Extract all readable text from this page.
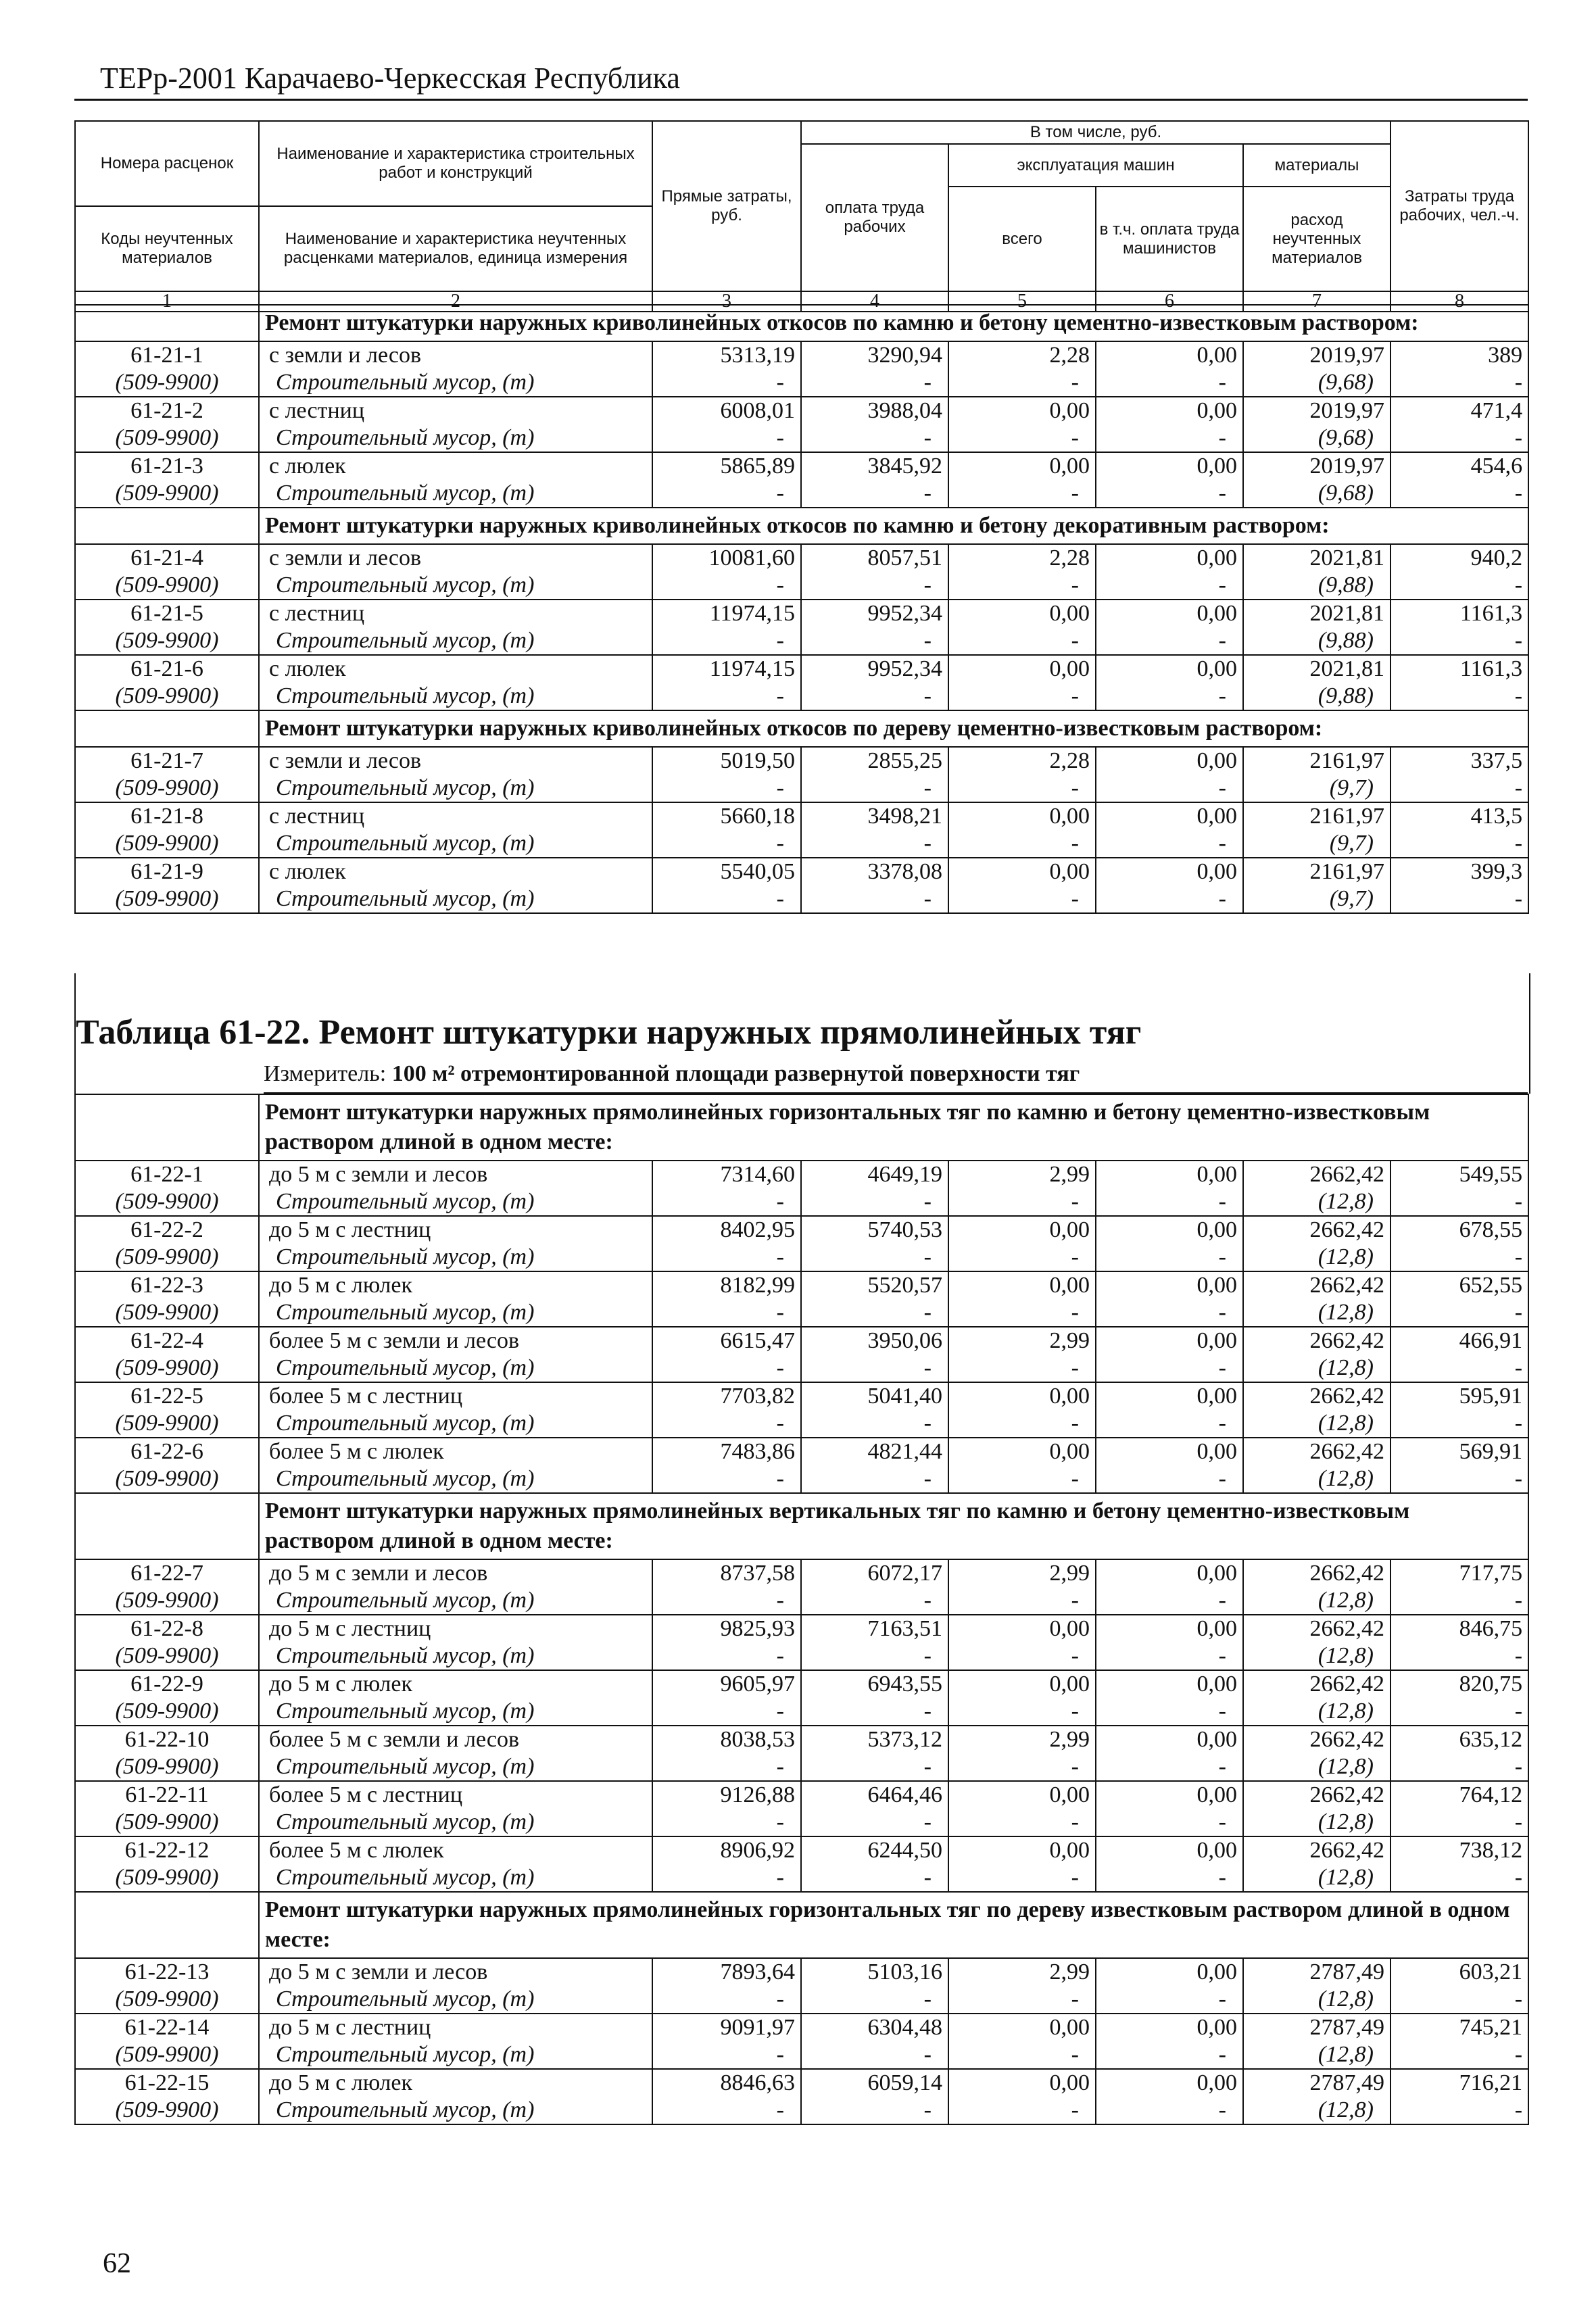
ТЕРр-2001 Карачаево-Черкесская Республика
Номера расценок	Наименование и характеристика строительных работ и конструкций	Прямые затраты, руб.	В том числе, руб.				Затраты труда рабочих, чел.-ч.
			оплата труда рабочих	эксплуатация машин		материалы	
				всего	в т.ч. оплата труда машинистов	расход неучтенных материалов	
Коды неучтенных материалов	Наименование и характеристика неучтенных расценками материалов, единица измерения						

1	2	3	4	5	6	7	8
	Ремонт штукатурки наружных криволинейных откосов по камню и бетону цементно-известковым раствором:						
61-21-1	с земли и лесов	5313,19	3290,94	2,28	0,00	2019,97	389
(509-9900)	Строительный мусор, (т)	-	-	-	-	(9,68)	-
61-21-2	с лестниц	6008,01	3988,04	0,00	0,00	2019,97	471,4
(509-9900)	Строительный мусор, (т)	-	-	-	-	(9,68)	-
61-21-3	с люлек	5865,89	3845,92	0,00	0,00	2019,97	454,6
(509-9900)	Строительный мусор, (т)	-	-	-	-	(9,68)	-
	Ремонт штукатурки наружных криволинейных откосов по камню и бетону декоративным раствором:						
61-21-4	с земли и лесов	10081,60	8057,51	2,28	0,00	2021,81	940,2
(509-9900)	Строительный мусор, (т)	-	-	-	-	(9,88)	-
61-21-5	с лестниц	11974,15	9952,34	0,00	0,00	2021,81	1161,3
(509-9900)	Строительный мусор, (т)	-	-	-	-	(9,88)	-
61-21-6	с люлек	11974,15	9952,34	0,00	0,00	2021,81	1161,3
(509-9900)	Строительный мусор, (т)	-	-	-	-	(9,88)	-
	Ремонт штукатурки наружных криволинейных откосов по дереву цементно-известковым раствором:						
61-21-7	с земли и лесов	5019,50	2855,25	2,28	0,00	2161,97	337,5
(509-9900)	Строительный мусор, (т)	-	-	-	-	(9,7)	-
61-21-8	с лестниц	5660,18	3498,21	0,00	0,00	2161,97	413,5
(509-9900)	Строительный мусор, (т)	-	-	-	-	(9,7)	-
61-21-9	с люлек	5540,05	3378,08	0,00	0,00	2161,97	399,3
(509-9900)	Строительный мусор, (т)	-	-	-	-	(9,7)	-
Таблица 61-22. Ремонт штукатурки наружных прямолинейных тяг
Измеритель: 100 м² отремонтированной площади развернутой поверхности тяг
	Ремонт штукатурки наружных прямолинейных горизонтальных тяг по камню и бетону цементно-известковым раствором длиной в одном месте:						
61-22-1	до 5 м с земли и лесов	7314,60	4649,19	2,99	0,00	2662,42	549,55
(509-9900)	Строительный мусор, (т)	-	-	-	-	(12,8)	-
61-22-2	до 5 м с лестниц	8402,95	5740,53	0,00	0,00	2662,42	678,55
(509-9900)	Строительный мусор, (т)	-	-	-	-	(12,8)	-
61-22-3	до 5 м с люлек	8182,99	5520,57	0,00	0,00	2662,42	652,55
(509-9900)	Строительный мусор, (т)	-	-	-	-	(12,8)	-
61-22-4	более 5 м с земли и лесов	6615,47	3950,06	2,99	0,00	2662,42	466,91
(509-9900)	Строительный мусор, (т)	-	-	-	-	(12,8)	-
61-22-5	более 5 м с лестниц	7703,82	5041,40	0,00	0,00	2662,42	595,91
(509-9900)	Строительный мусор, (т)	-	-	-	-	(12,8)	-
61-22-6	более 5 м с люлек	7483,86	4821,44	0,00	0,00	2662,42	569,91
(509-9900)	Строительный мусор, (т)	-	-	-	-	(12,8)	-
	Ремонт штукатурки наружных прямолинейных вертикальных тяг по камню и бетону цементно-известковым раствором длиной в одном месте:						
61-22-7	до 5 м с земли и лесов	8737,58	6072,17	2,99	0,00	2662,42	717,75
(509-9900)	Строительный мусор, (т)	-	-	-	-	(12,8)	-
61-22-8	до 5 м с лестниц	9825,93	7163,51	0,00	0,00	2662,42	846,75
(509-9900)	Строительный мусор, (т)	-	-	-	-	(12,8)	-
61-22-9	до 5 м с люлек	9605,97	6943,55	0,00	0,00	2662,42	820,75
(509-9900)	Строительный мусор, (т)	-	-	-	-	(12,8)	-
61-22-10	более 5 м с земли и лесов	8038,53	5373,12	2,99	0,00	2662,42	635,12
(509-9900)	Строительный мусор, (т)	-	-	-	-	(12,8)	-
61-22-11	более 5 м с лестниц	9126,88	6464,46	0,00	0,00	2662,42	764,12
(509-9900)	Строительный мусор, (т)	-	-	-	-	(12,8)	-
61-22-12	более 5 м с люлек	8906,92	6244,50	0,00	0,00	2662,42	738,12
(509-9900)	Строительный мусор, (т)	-	-	-	-	(12,8)	-
	Ремонт штукатурки наружных прямолинейных горизонтальных тяг по дереву известковым раствором длиной в одном месте:						
61-22-13	до 5 м с земли и лесов	7893,64	5103,16	2,99	0,00	2787,49	603,21
(509-9900)	Строительный мусор, (т)	-	-	-	-	(12,8)	-
61-22-14	до 5 м с лестниц	9091,97	6304,48	0,00	0,00	2787,49	745,21
(509-9900)	Строительный мусор, (т)	-	-	-	-	(12,8)	-
61-22-15	до 5 м с люлек	8846,63	6059,14	0,00	0,00	2787,49	716,21
(509-9900)	Строительный мусор, (т)	-	-	-	-	(12,8)	-
62
